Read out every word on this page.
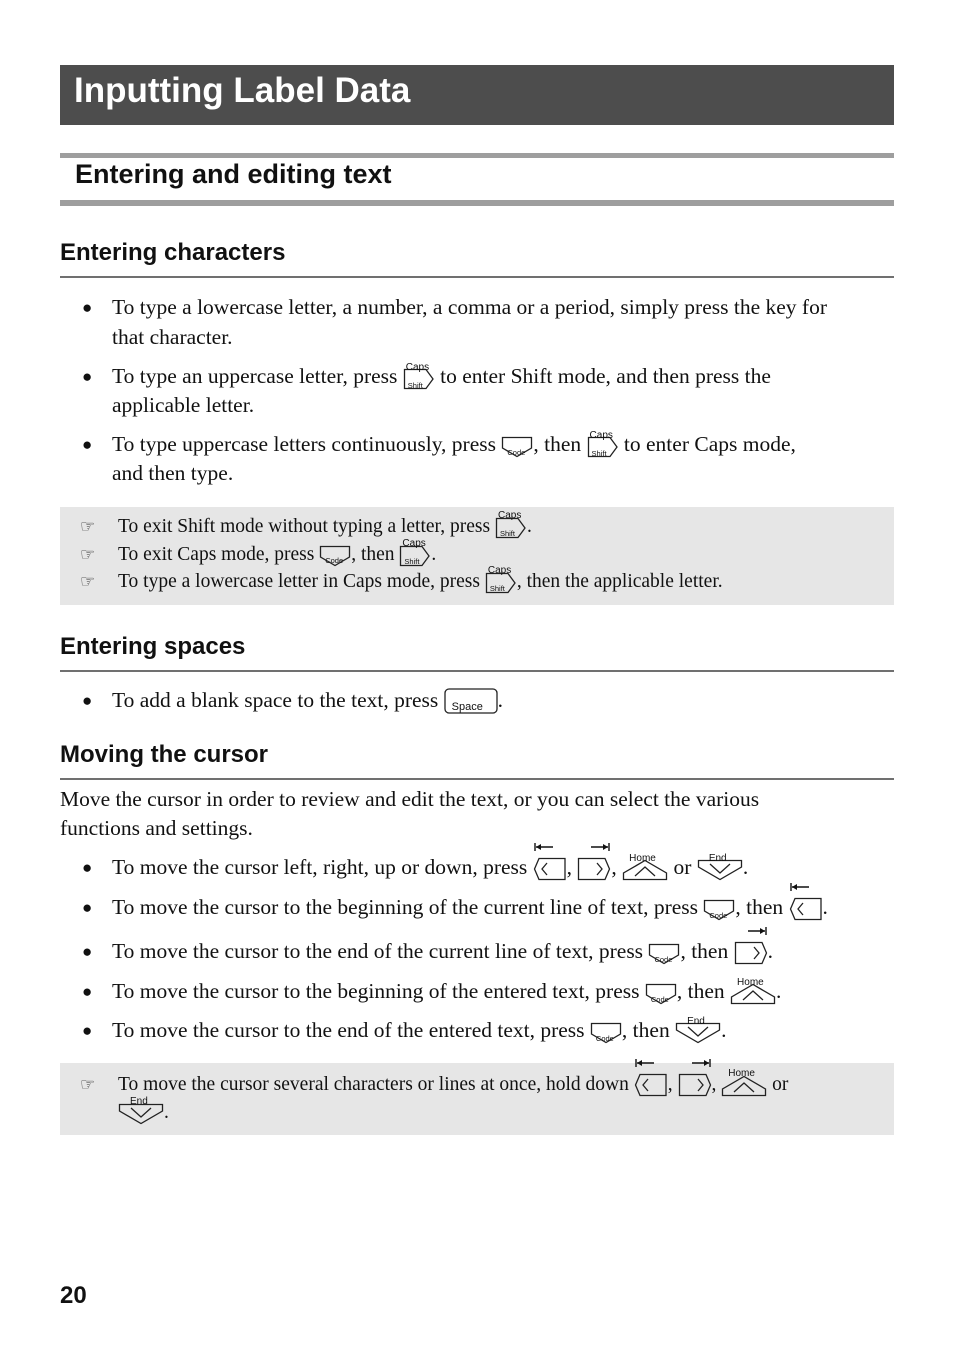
Inputting Label Data
Entering and editing text
Entering characters
● To type a lowercase letter, a number, a comma or a period, simply press the key for
that character.
● To type an uppercase letter, press Caps
Shift to enter Shift mode, and then press the
applicable letter.
● To type uppercase letters continuously, press Code , then Caps
Shift to enter Caps mode,
and then type.
☞ To exit Shift mode without typing a letter, press
Caps
Shift .
☞ To exit Caps mode, press Code , then
Caps
Shift .
☞ To type a lowercase letter in Caps mode, press
Caps
Shift , then the applicable letter.
Entering spaces
● To add a blank space to the text, press Space .
Moving the cursor
Move the cursor in order to review and edit the text, or you can select the various
functions and settings.
● To move the cursor left, right, up or down, press , , Home or End .
● To move the cursor to the beginning of the current line of text, press Code , then .
● To move the cursor to the end of the current line of text, press Code , then .
● To move the cursor to the beginning of the entered text, press Code , then Home .
● To move the cursor to the end of the entered text, press Code , then End .
☞ To move the cursor several characters or lines at once, hold down , ,
Home
or
End
.
20
